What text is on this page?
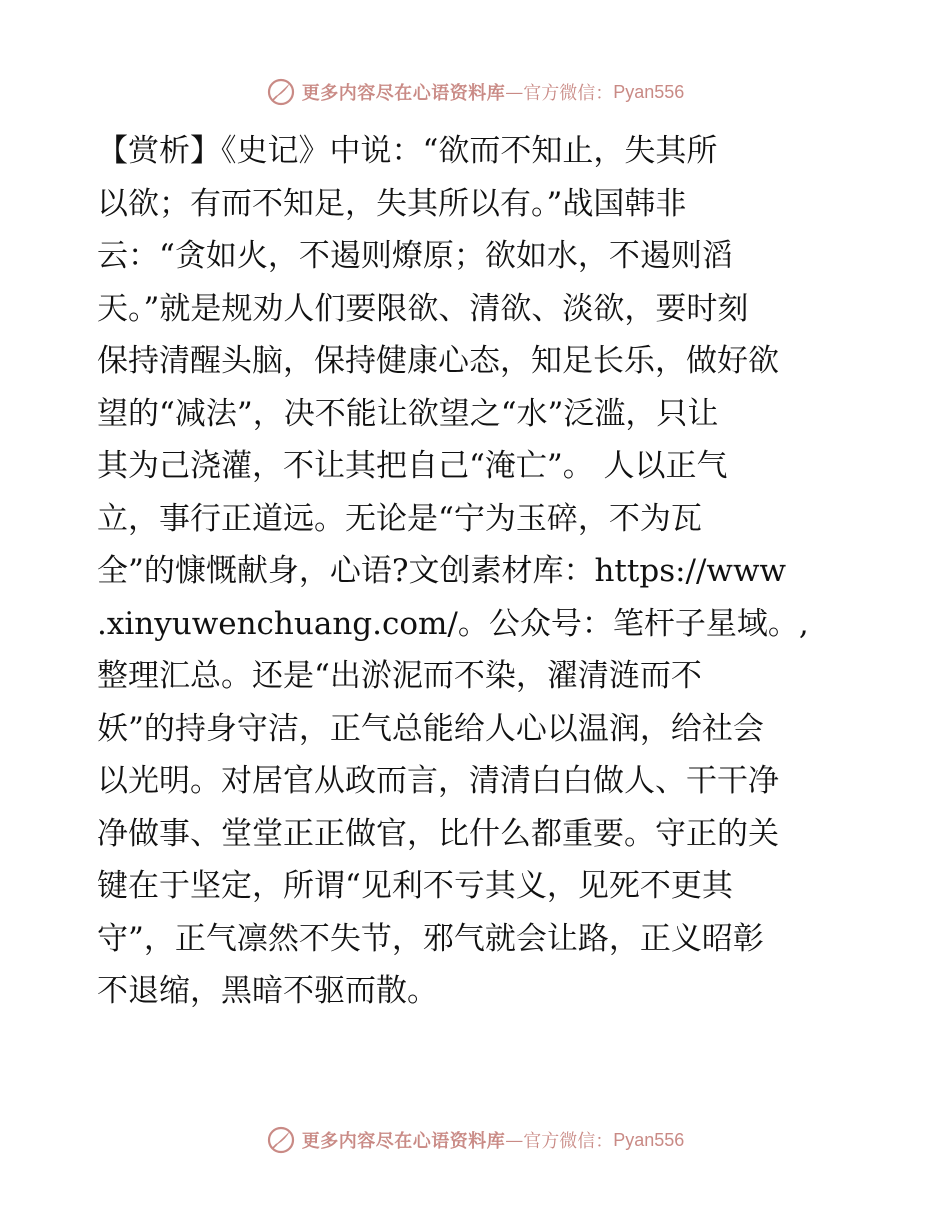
更多内容尽在心语资料库 — 官方微信： Pyan556
【赏析】《史记》中说：“欲而不知止，失其所
以欲；有而不知足，失其所以有。”战国韩非
云：“贪如火，不遏则燎原；欲如水，不遏则滔
天。”就是规劝人们要限欲、清欲、淡欲，要时刻
保持清醒头脑，保持健康心态，知足长乐，做好欲
望的“减法”，决不能让欲望之“水”泛滥，只让
其为己浇灌，不让其把自己“淹亡”。 人以正气
立，事行正道远。无论是“宁为玉碎，不为瓦
全”的慷慨献身，心语?文创素材库：https://www
.xinyuwenchuang.com/。公众号：笔杆子星域。,
整理汇总。还是“出淤泥而不染，濯清涟而不
妖”的持身守洁，正气总能给人心以温润，给社会
以光明。对居官从政而言，清清白白做人、干干净
净做事、堂堂正正做官，比什么都重要。守正的关
键在于坚定，所谓“见利不亏其义，见死不更其
守”，正气凛然不失节，邪气就会让路，正义昭彰
不退缩，黑暗不驱而散。
更多内容尽在心语资料库 — 官方微信： Pyan556
